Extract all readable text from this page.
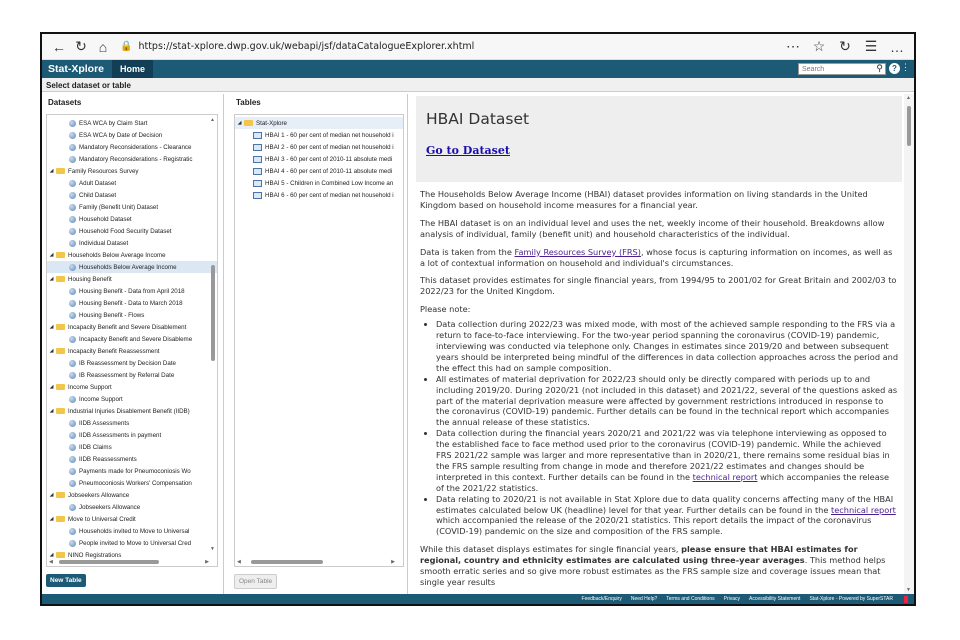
← ↻ ⌂	🔒 https://stat-xplore.dwp.gov.uk/webapi/jsf/dataCatalogueExplorer.xhtml	⋯ ☆ ↻ ☰ …
Stat-Xplore	Home	Search	⚲	? ⋮
Select dataset or table
Datasets
ESA WCA by Claim Start
ESA WCA by Date of Decision
Mandatory Reconsiderations - Clearance
Mandatory Reconsiderations - Registratic
◢	Family Resources Survey
Adult Dataset
Child Dataset
Family (Benefit Unit) Dataset
Household Dataset
Household Food Security Dataset
Individual Dataset
◢	Households Below Average Income
Households Below Average Income
◢	Housing Benefit
Housing Benefit - Data from April 2018
Housing Benefit - Data to March 2018
Housing Benefit - Flows
◢	Incapacity Benefit and Severe Disablement
Incapacity Benefit and Severe Disableme
◢	Incapacity Benefit Reassessment
IB Reassessment by Decision Date
IB Reassessment by Referral Date
◢	Income Support
Income Support
◢	Industrial Injuries Disablement Benefit (IIDB)
IIDB Assessments
IIDB Assessments in payment
IIDB Claims
IIDB Reassessments
Payments made for Pneumoconiosis Wo
Pneumoconiosis Workers' Compensation
◢	Jobseekers Allowance
Jobseekers Allowance
◢	Move to Universal Credit
Households invited to Move to Universal
People invited to Move to Universal Cred
◢	NINO Registrations
▲
▼
◀	▶
New Table
Tables
◢	Stat-Xplore
HBAI 1 - 60 per cent of median net household i
HBAI 2 - 60 per cent of median net household i
HBAI 3 - 60 per cent of 2010-11 absolute medi
HBAI 4 - 60 per cent of 2010-11 absolute medi
HBAI 5 - Children in Combined Low Income an
HBAI 6 - 60 per cent of median net household i
◀	▶
Open Table
HBAI Dataset
Go to Dataset

The Households Below Average Income (HBAI) dataset provides information on living standards in the United Kingdom based on household income measures for a financial year.

The HBAI dataset is on an individual level and uses the net, weekly income of their household. Breakdowns allow analysis of individual, family (benefit unit) and household characteristics of the individual.

Data is taken from the Family Resources Survey (FRS), whose focus is capturing information on incomes, as well as a lot of contextual information on household and individual's circumstances.

This dataset provides estimates for single financial years, from 1994/95 to 2001/02 for Great Britain and 2002/03 to 2022/23 for the United Kingdom.

Please note:

• Data collection during 2022/23 was mixed mode, with most of the achieved sample responding to the FRS via a return to face-to-face interviewing. For the two-year period spanning the coronavirus (COVID-19) pandemic, interviewing was conducted via telephone only. Changes in estimates since 2019/20 and between subsequent years should be interpreted being mindful of the differences in data collection approaches across the period and the effect this had on sample composition.
• All estimates of material deprivation for 2022/23 should only be directly compared with periods up to and including 2019/20. During 2020/21 (not included in this dataset) and 2021/22, several of the questions asked as part of the material deprivation measure were affected by government restrictions introduced in response to the coronavirus (COVID-19) pandemic. Further details can be found in the technical report which accompanies the annual release of these statistics.
• Data collection during the financial years 2020/21 and 2021/22 was via telephone interviewing as opposed to the established face to face method used prior to the coronavirus (COVID-19) pandemic. While the achieved FRS 2021/22 sample was larger and more representative than in 2020/21, there remains some residual bias in the FRS sample resulting from change in mode and therefore 2021/22 estimates and changes should be interpreted in this context. Further details can be found in the technical report which accompanies the release of the 2021/22 statistics.
• Data relating to 2020/21 is not available in Stat Xplore due to data quality concerns affecting many of the HBAI estimates calculated below UK (headline) level for that year. Further details can be found in the technical report which accompanied the release of the 2020/21 statistics. This report details the impact of the coronavirus (COVID-19) pandemic on the size and composition of the FRS sample.

While this dataset displays estimates for single financial years, please ensure that HBAI estimates for regional, country and ethnicity estimates are calculated using three-year averages. This method helps smooth erratic series and so give more robust estimates as the FRS sample size and coverage issues mean that single year results

▲
▼
Feedback/Enquiry Need Help? Terms and Conditions Privacy Accessibility Statement Stat-Xplore - Powered by SuperSTAR
